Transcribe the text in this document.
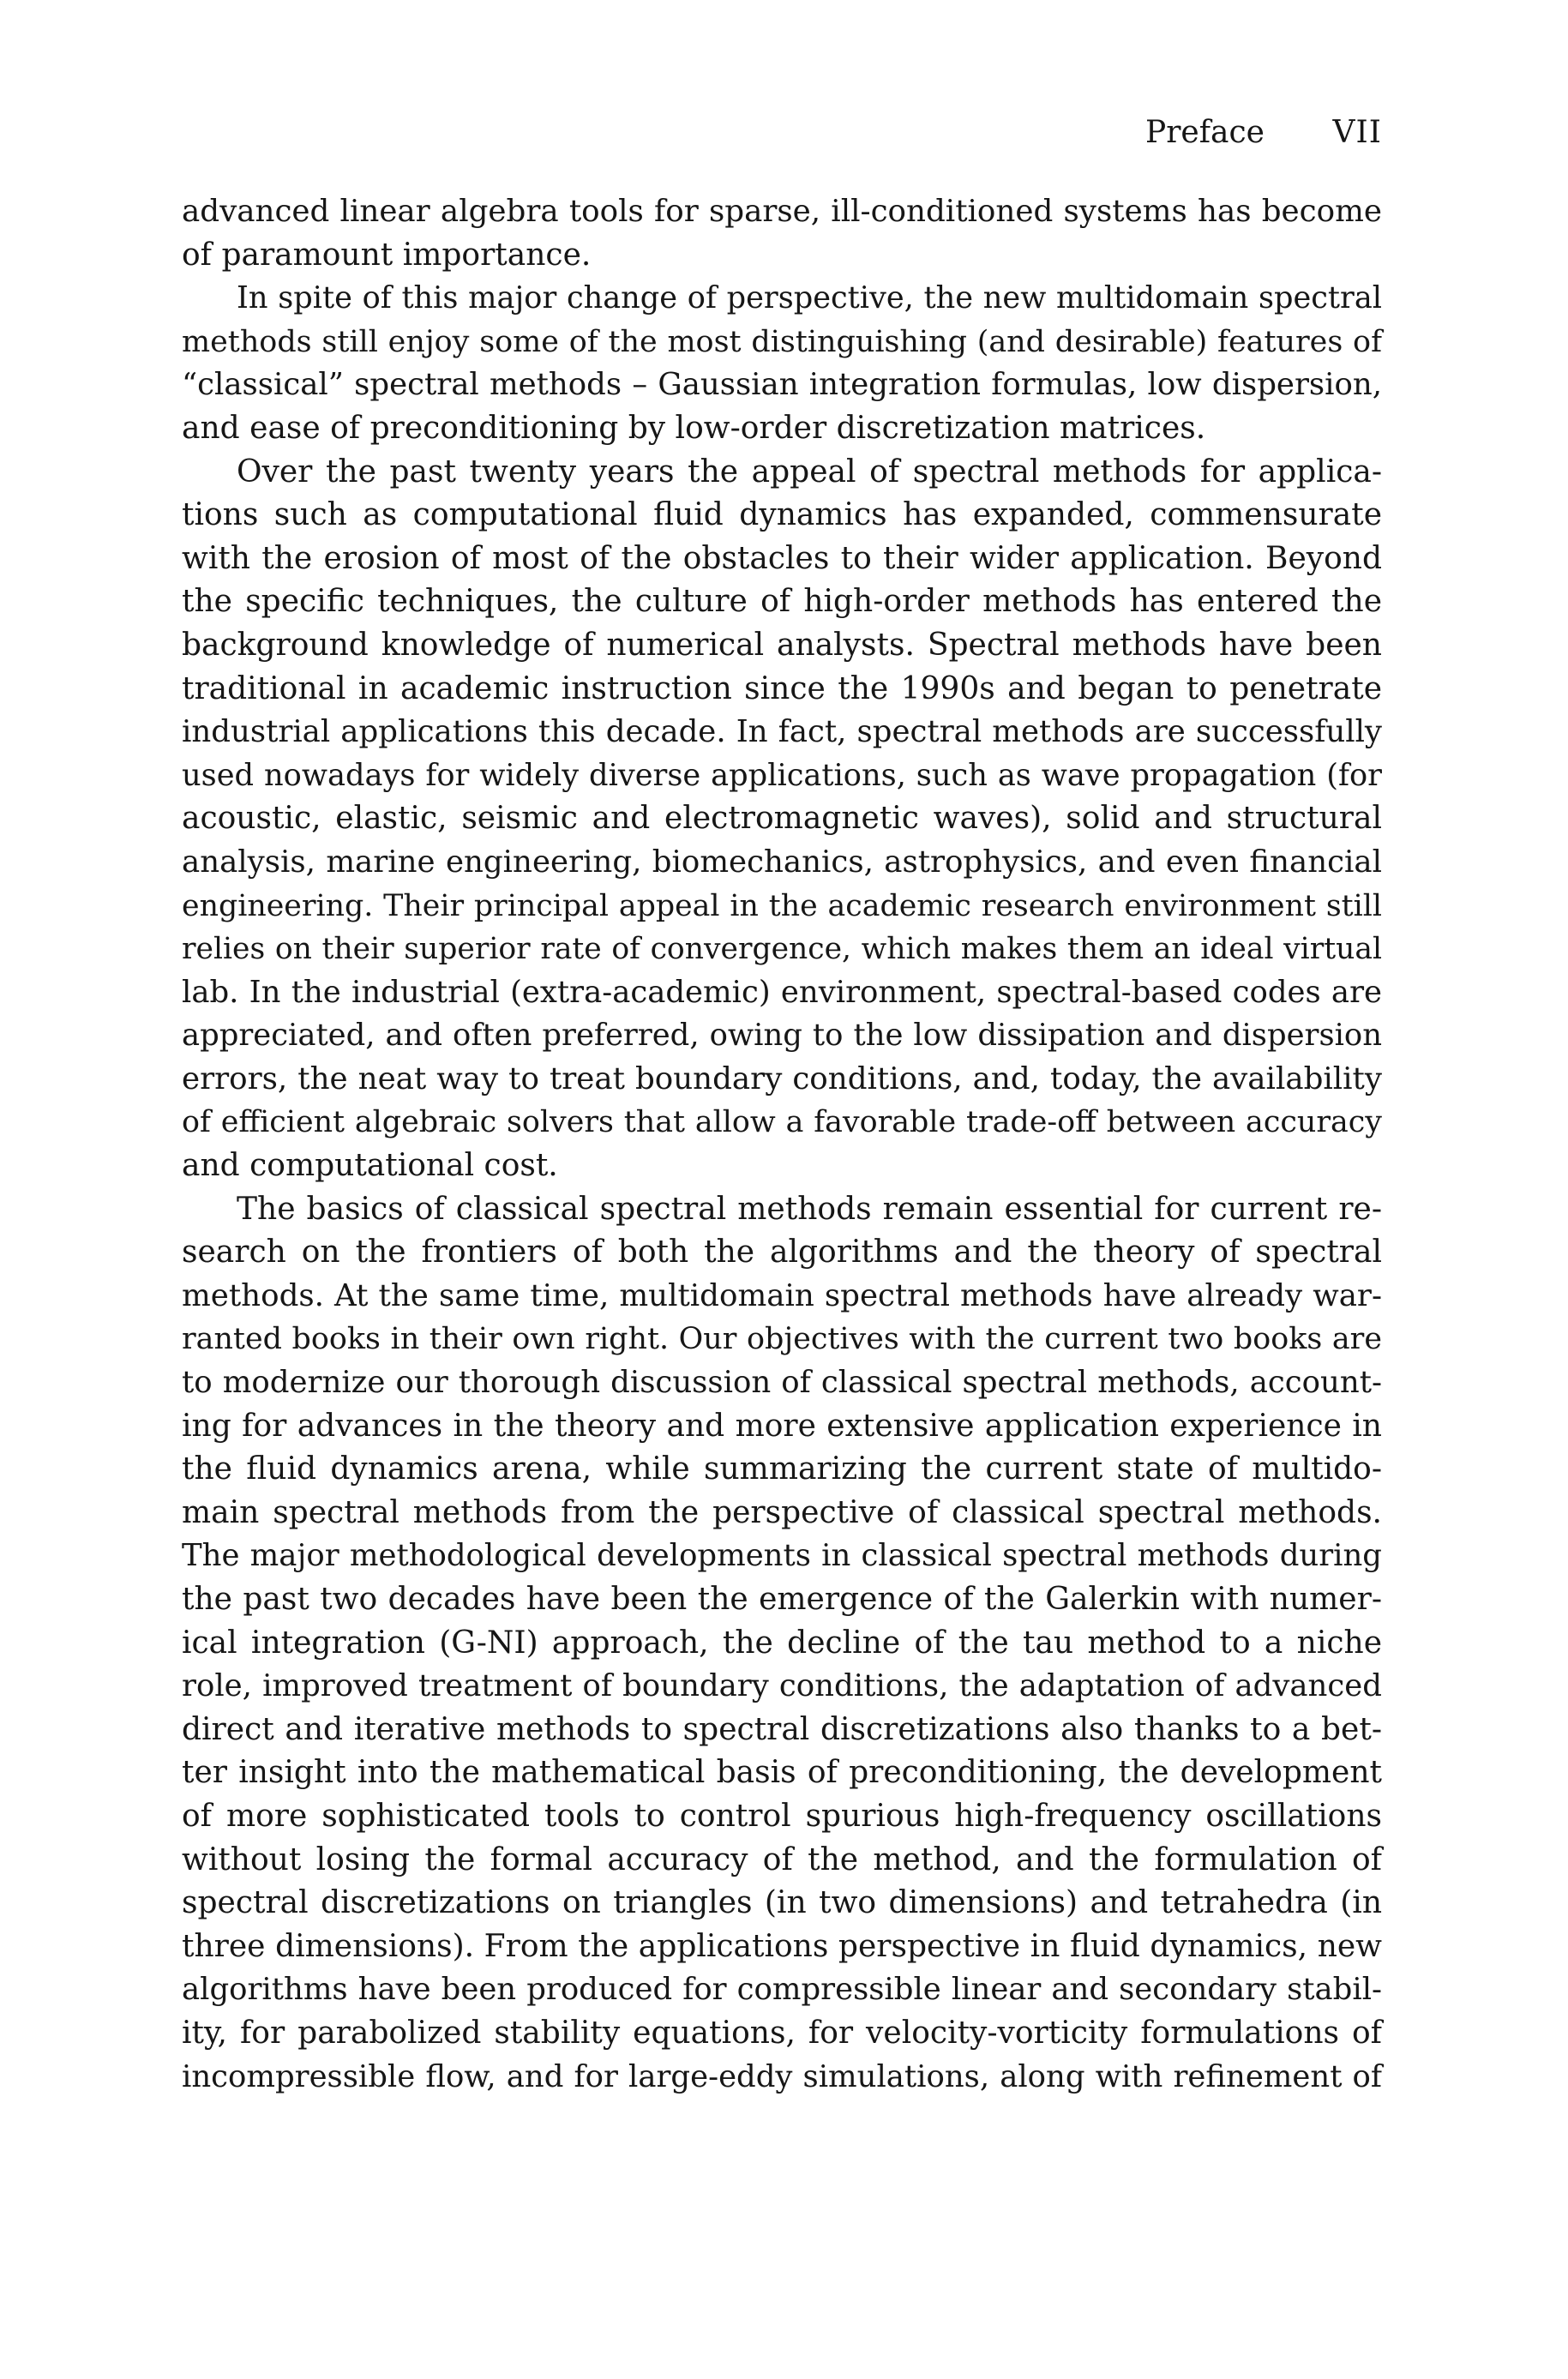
Preface VII
advanced linear algebra tools for sparse, ill-conditioned systems has become
of paramount importance.
In spite of this major change of perspective, the new multidomain spectral
methods still enjoy some of the most distinguishing (and desirable) features of
“classical” spectral methods – Gaussian integration formulas, low dispersion,
and ease of preconditioning by low-order discretization matrices.
Over the past twenty years the appeal of spectral methods for applica-
tions such as computational fluid dynamics has expanded, commensurate
with the erosion of most of the obstacles to their wider application. Beyond
the specific techniques, the culture of high-order methods has entered the
background knowledge of numerical analysts. Spectral methods have been
traditional in academic instruction since the 1990s and began to penetrate
industrial applications this decade. In fact, spectral methods are successfully
used nowadays for widely diverse applications, such as wave propagation (for
acoustic, elastic, seismic and electromagnetic waves), solid and structural
analysis, marine engineering, biomechanics, astrophysics, and even financial
engineering. Their principal appeal in the academic research environment still
relies on their superior rate of convergence, which makes them an ideal virtual
lab. In the industrial (extra-academic) environment, spectral-based codes are
appreciated, and often preferred, owing to the low dissipation and dispersion
errors, the neat way to treat boundary conditions, and, today, the availability
of efficient algebraic solvers that allow a favorable trade-off between accuracy
and computational cost.
The basics of classical spectral methods remain essential for current re-
search on the frontiers of both the algorithms and the theory of spectral
methods. At the same time, multidomain spectral methods have already war-
ranted books in their own right. Our objectives with the current two books are
to modernize our thorough discussion of classical spectral methods, account-
ing for advances in the theory and more extensive application experience in
the fluid dynamics arena, while summarizing the current state of multido-
main spectral methods from the perspective of classical spectral methods.
The major methodological developments in classical spectral methods during
the past two decades have been the emergence of the Galerkin with numer-
ical integration (G-NI) approach, the decline of the tau method to a niche
role, improved treatment of boundary conditions, the adaptation of advanced
direct and iterative methods to spectral discretizations also thanks to a bet-
ter insight into the mathematical basis of preconditioning, the development
of more sophisticated tools to control spurious high-frequency oscillations
without losing the formal accuracy of the method, and the formulation of
spectral discretizations on triangles (in two dimensions) and tetrahedra (in
three dimensions). From the applications perspective in fluid dynamics, new
algorithms have been produced for compressible linear and secondary stabil-
ity, for parabolized stability equations, for velocity-vorticity formulations of
incompressible flow, and for large-eddy simulations, along with refinement of
